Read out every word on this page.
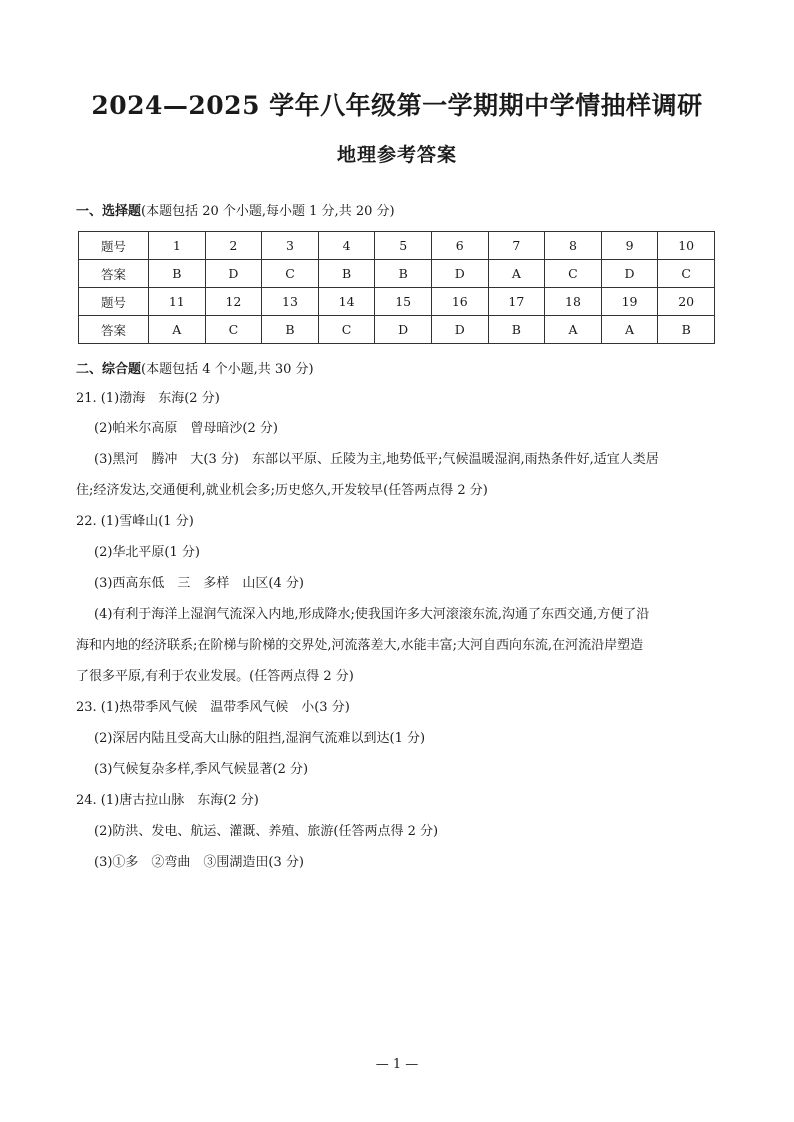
2024—2025 学年八年级第一学期期中学情抽样调研
地理参考答案
一、选择题(本题包括 20 个小题,每小题 1 分,共 20 分)
题号	1	2	3	4	5	6	7	8	9	10
答案	B	D	C	B	B	D	A	C	D	C
题号	11	12	13	14	15	16	17	18	19	20
答案	A	C	B	C	D	D	B	A	A	B
二、综合题(本题包括 4 个小题,共 30 分)
21. (1)渤海　东海(2 分)
(2)帕米尔高原　曾母暗沙(2 分)
(3)黑河　腾冲　大(3 分)　东部以平原、丘陵为主,地势低平;气候温暖湿润,雨热条件好,适宜人类居
住;经济发达,交通便利,就业机会多;历史悠久,开发较早(任答两点得 2 分)
22. (1)雪峰山(1 分)
(2)华北平原(1 分)
(3)西高东低　三　多样　山区(4 分)
(4)有利于海洋上湿润气流深入内地,形成降水;使我国许多大河滚滚东流,沟通了东西交通,方便了沿
海和内地的经济联系;在阶梯与阶梯的交界处,河流落差大,水能丰富;大河自西向东流,在河流沿岸塑造
了很多平原,有利于农业发展。(任答两点得 2 分)
23. (1)热带季风气候　温带季风气候　小(3 分)
(2)深居内陆且受高大山脉的阻挡,湿润气流难以到达(1 分)
(3)气候复杂多样,季风气候显著(2 分)
24. (1)唐古拉山脉　东海(2 分)
(2)防洪、发电、航运、灌溉、养殖、旅游(任答两点得 2 分)
(3)①多　②弯曲　③围湖造田(3 分)
— 1 —
